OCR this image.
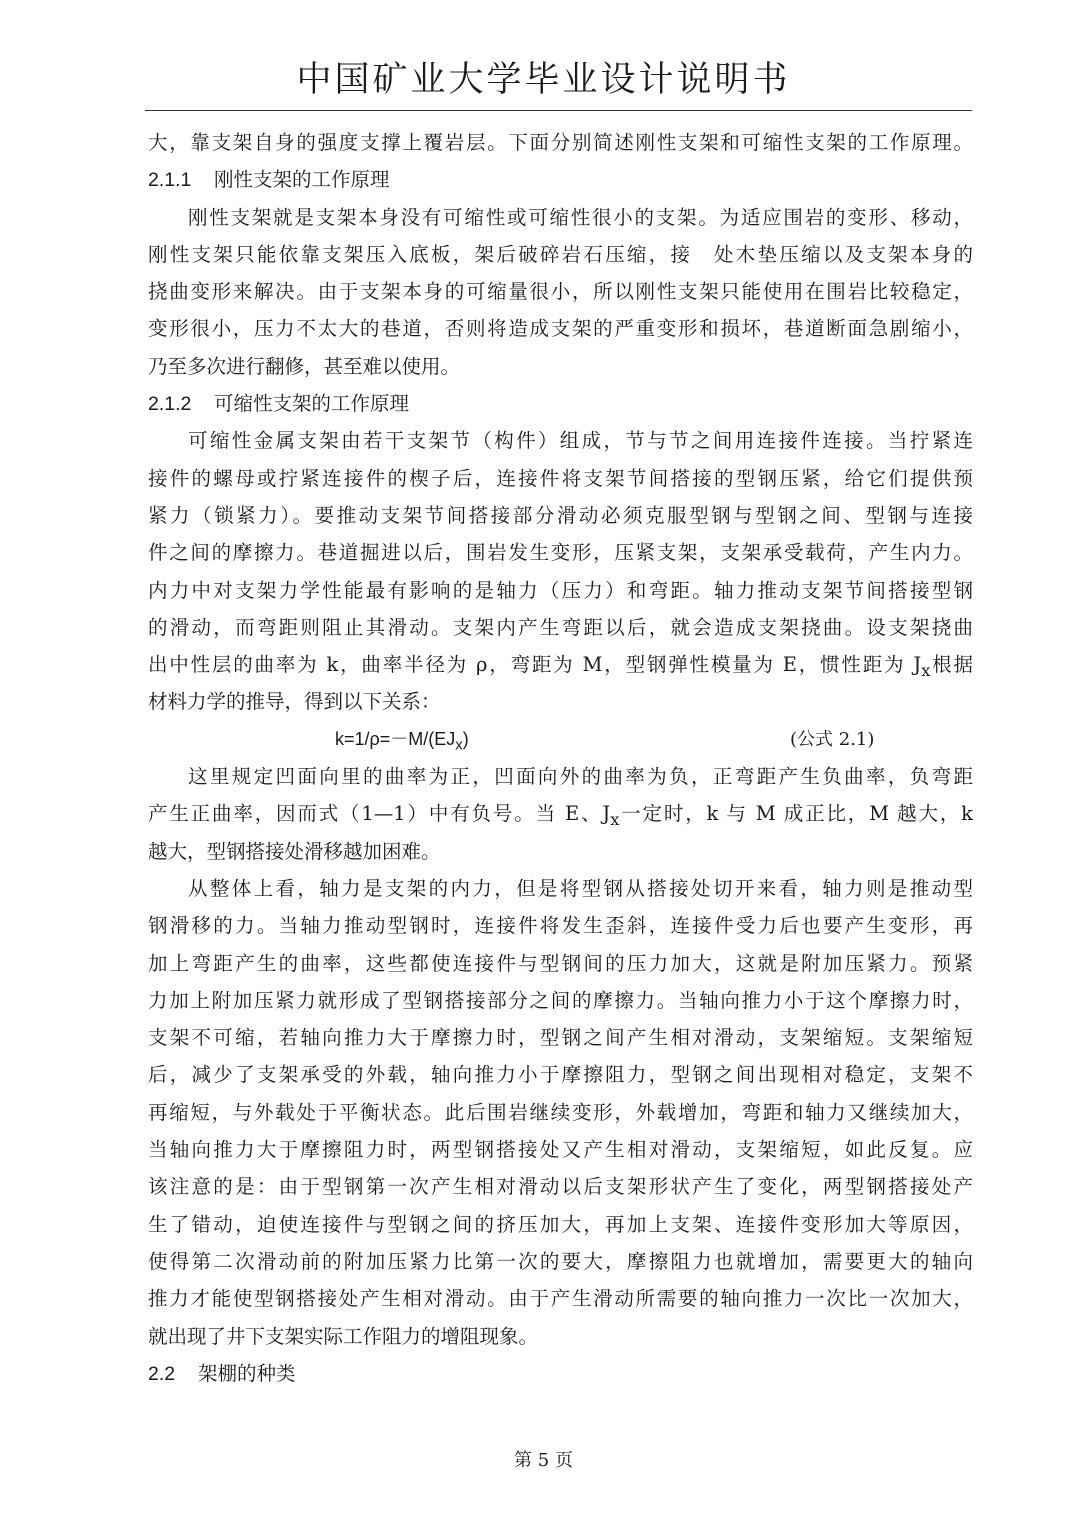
中国矿业大学毕业设计说明书
大，靠支架自身的强度支撑上覆岩层。下面分别简述刚性支架和可缩性支架的工作原理。
2.1.1 刚性支架的工作原理
刚性支架就是支架本身没有可缩性或可缩性很小的支架。为适应围岩的变形、移动，
刚性支架只能依靠支架压入底板，架后破碎岩石压缩，接　处木垫压缩以及支架本身的
挠曲变形来解决。由于支架本身的可缩量很小，所以刚性支架只能使用在围岩比较稳定，
变形很小，压力不太大的巷道，否则将造成支架的严重变形和损坏，巷道断面急剧缩小，
乃至多次进行翻修，甚至难以使用。
2.1.2 可缩性支架的工作原理
可缩性金属支架由若干支架节（构件）组成，节与节之间用连接件连接。当拧紧连
接件的螺母或拧紧连接件的楔子后，连接件将支架节间搭接的型钢压紧，给它们提供预
紧力（锁紧力）。要推动支架节间搭接部分滑动必须克服型钢与型钢之间、型钢与连接
件之间的摩擦力。巷道掘进以后，围岩发生变形，压紧支架，支架承受载荷，产生内力。
内力中对支架力学性能最有影响的是轴力（压力）和弯距。轴力推动支架节间搭接型钢
的滑动，而弯距则阻止其滑动。支架内产生弯距以后，就会造成支架挠曲。设支架挠曲
出中性层的曲率为 k，曲率半径为 ρ，弯距为 M，型钢弹性模量为 E，惯性距为 $J_x$根据
材料力学的推导，得到以下关系：
$k=1/\rho=-M/(EJ_x)$	(公式 2.1)
这里规定凹面向里的曲率为正，凹面向外的曲率为负，正弯距产生负曲率，负弯距
产生正曲率，因而式（1—1）中有负号。当 E、$J_x$一定时，k 与 M 成正比，M 越大，k
越大，型钢搭接处滑移越加困难。
从整体上看，轴力是支架的内力，但是将型钢从搭接处切开来看，轴力则是推动型
钢滑移的力。当轴力推动型钢时，连接件将发生歪斜，连接件受力后也要产生变形，再
加上弯距产生的曲率，这些都使连接件与型钢间的压力加大，这就是附加压紧力。预紧
力加上附加压紧力就形成了型钢搭接部分之间的摩擦力。当轴向推力小于这个摩擦力时，
支架不可缩，若轴向推力大于摩擦力时，型钢之间产生相对滑动，支架缩短。支架缩短
后，减少了支架承受的外载，轴向推力小于摩擦阻力，型钢之间出现相对稳定，支架不
再缩短，与外载处于平衡状态。此后围岩继续变形，外载增加，弯距和轴力又继续加大，
当轴向推力大于摩擦阻力时，两型钢搭接处又产生相对滑动，支架缩短，如此反复。应
该注意的是：由于型钢第一次产生相对滑动以后支架形状产生了变化，两型钢搭接处产
生了错动，迫使连接件与型钢之间的挤压加大，再加上支架、连接件变形加大等原因，
使得第二次滑动前的附加压紧力比第一次的要大，摩擦阻力也就增加，需要更大的轴向
推力才能使型钢搭接处产生相对滑动。由于产生滑动所需要的轴向推力一次比一次加大，
就出现了井下支架实际工作阻力的增阻现象。
2.2 架棚的种类
第 5 页
